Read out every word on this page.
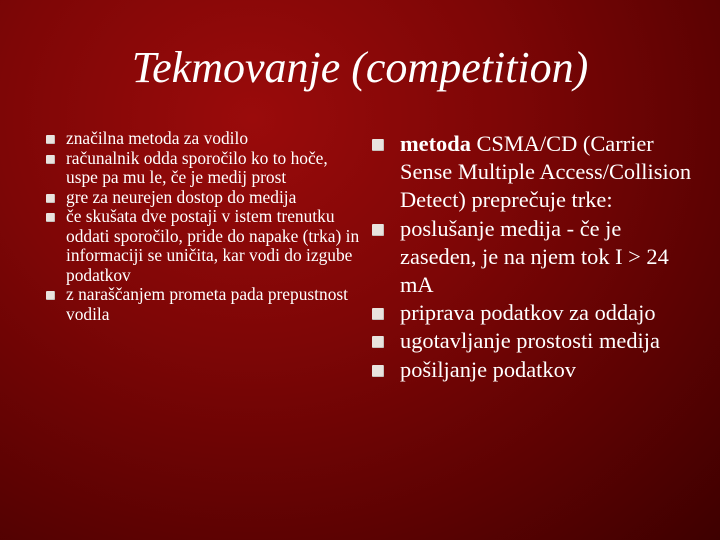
Tekmovanje (competition)
značilna metoda za vodilo
računalnik odda sporočilo ko to hoče, uspe pa mu le, če je medij prost
gre za neurejen dostop do medija
če skušata dve postaji v istem trenutku oddati sporočilo, pride do napake (trka) in informaciji se uničita, kar vodi do izgube podatkov
z naraščanjem prometa pada prepustnost vodila
metoda CSMA/CD (Carrier Sense Multiple Access/Collision Detect) preprečuje trke:
poslušanje medija - če je zaseden, je na njem tok I > 24 mA
priprava podatkov za oddajo
ugotavljanje prostosti medija
pošiljanje podatkov
